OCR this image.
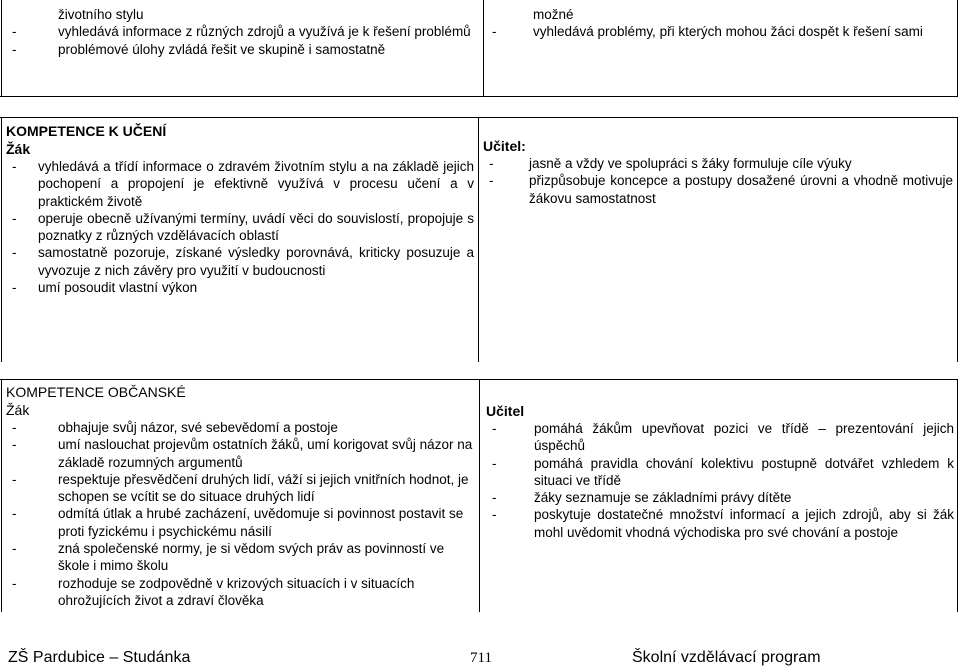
životního stylu
- vyhledává informace z různých zdrojů a využívá je k řešení problémů
- problémové úlohy zvládá řešit ve skupině i samostatně
možné
- vyhledává problémy, při kterých mohou žáci dospět k řešení sami
KOMPETENCE K UČENÍ
Žák
- vyhledává a třídí informace o zdravém životním stylu a na základě jejich pochopení a propojení je efektivně využívá v procesu učení a v praktickém životě
- operuje obecně užívanými termíny, uvádí věci do souvislostí, propojuje s poznatky z různých vzdělávacích oblastí
- samostatně pozoruje, získané výsledky porovnává, kriticky posuzuje a vyvozuje z nich závěry pro využití v budoucnosti
- umí posoudit vlastní výkon
Učitel:
- jasně a vždy ve spolupráci s žáky formuluje cíle výuky
- přizpůsobuje koncepce a postupy dosažené úrovni a vhodně motivuje žákovu samostatnost
KOMPETENCE OBČANSKÉ
Žák
- obhajuje svůj názor, své sebevědomí a postoje
- umí naslouchat projevům ostatních žáků, umí korigovat svůj názor na základě rozumných argumentů
- respektuje přesvědčení druhých lidí, váží si jejich vnitřních hodnot, je schopen se vcítit se do situace druhých lidí
- odmítá útlak a hrubé zacházení, uvědomuje si povinnost postavit se proti fyzickému i psychickému násilí
- zná společenské normy, je si vědom svých práv as povinností ve škole i mimo školu
- rozhoduje se zodpovědně v krizových situacích i v situacích ohrožujících život a zdraví člověka
Učitel
- pomáhá žákům upevňovat pozici ve třídě – prezentování jejich úspěchů
- pomáhá pravidla chování kolektivu postupně dotvářet vzhledem k situaci ve třídě
- žáky seznamuje se základními právy dítěte
- poskytuje dostatečné množství informací a jejich zdrojů, aby si žák mohl uvědomit vhodná východiska pro své chování a postoje
ZŠ Pardubice – Studánka	711	Školní vzdělávací program
